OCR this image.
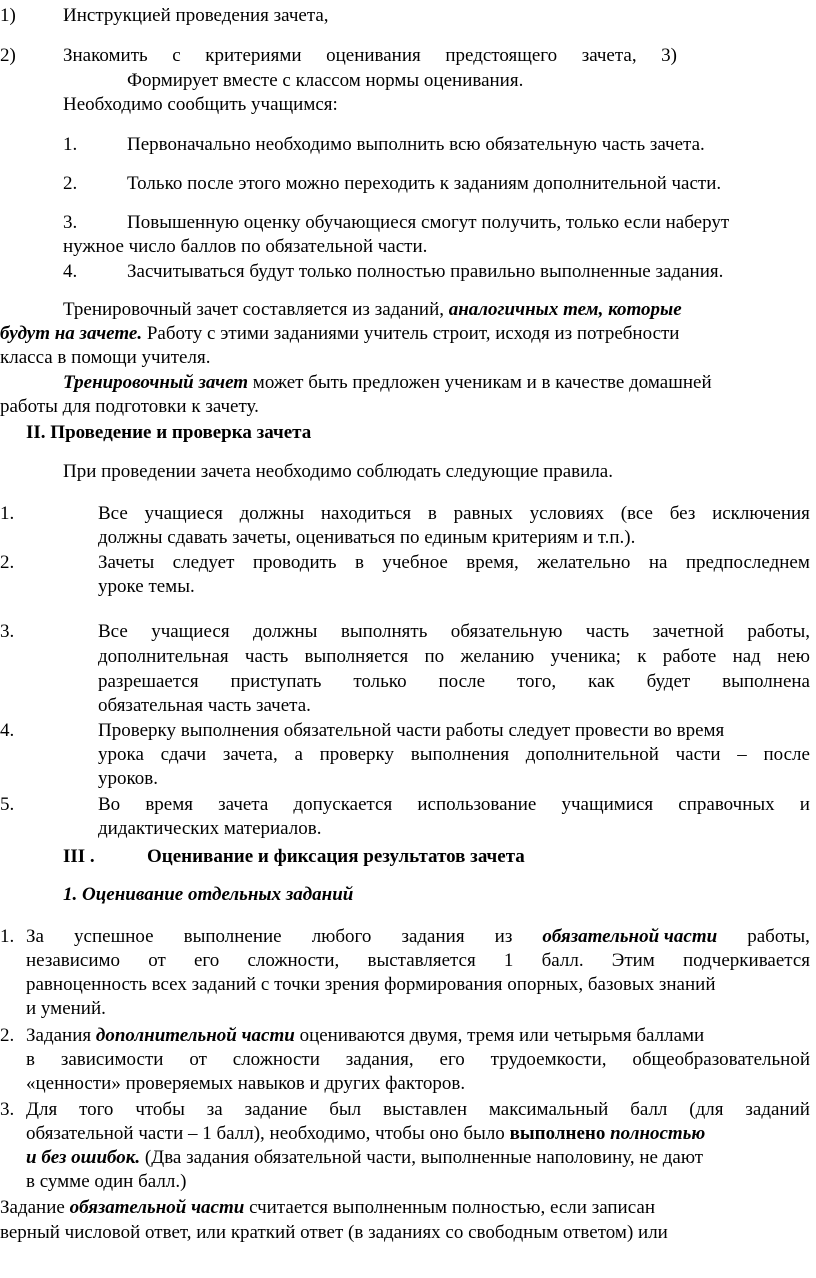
1) Инструкцией проведения зачета,
2) Знакомить с критериями оценивания предстоящего зачета, 3)
Формирует вместе с классом нормы оценивания.
Необходимо сообщить учащимся:
1.	Первоначально необходимо выполнить всю обязательную часть зачета.
2.	Только после этого можно переходить к заданиям дополнительной части.
3.	Повышенную оценку обучающиеся смогут получить, только если наберут
нужное число баллов по обязательной части.
4.	Засчитываться будут только полностью правильно выполненные задания.
Тренировочный зачет составляется из заданий, аналогичных тем, которые
будут на зачете. Работу с этими заданиями учитель строит, исходя из потребности
класса в помощи учителя.
Тренировочный зачет может быть предложен ученикам и в качестве домашней
работы для подготовки к зачету.
II. Проведение и проверка зачета
При проведении зачета необходимо соблюдать следующие правила.
1.	Все учащиеся должны находиться в равных условиях (все без исключения
должны сдавать зачеты, оцениваться по единым критериям и т.п.).
2.	Зачеты следует проводить в учебное время, желательно на предпоследнем
уроке темы.
3.	Все учащиеся должны выполнять обязательную часть зачетной работы,
дополнительная часть выполняется по желанию ученика; к работе над нею
разрешается приступать только после того, как будет выполнена
обязательная часть зачета.
4.	Проверку выполнения обязательной части работы следует провести во время
урока сдачи зачета, а проверку выполнения дополнительной части – после
уроков.
5.	Во время зачета допускается использование учащимися справочных и
дидактических материалов.
III .	Оценивание и фиксация результатов зачета
1. Оценивание отдельных заданий
1. За успешное выполнение любого задания из обязательной части работы,
независимо от его сложности, выставляется 1 балл. Этим подчеркивается
равноценность всех заданий с точки зрения формирования опорных, базовых знаний
и умений.
2. Задания дополнительной части оцениваются двумя, тремя или четырьмя баллами
в зависимости от сложности задания, его трудоемкости, общеобразовательной
«ценности» проверяемых навыков и других факторов.
3. Для того чтобы за задание был выставлен максимальный балл (для заданий
обязательной части – 1 балл), необходимо, чтобы оно было выполнено полностью
и без ошибок. (Два задания обязательной части, выполненные наполовину, не дают
в сумме один балл.)
Задание обязательной части считается выполненным полностью, если записан
верный числовой ответ, или краткий ответ (в заданиях со свободным ответом) или
